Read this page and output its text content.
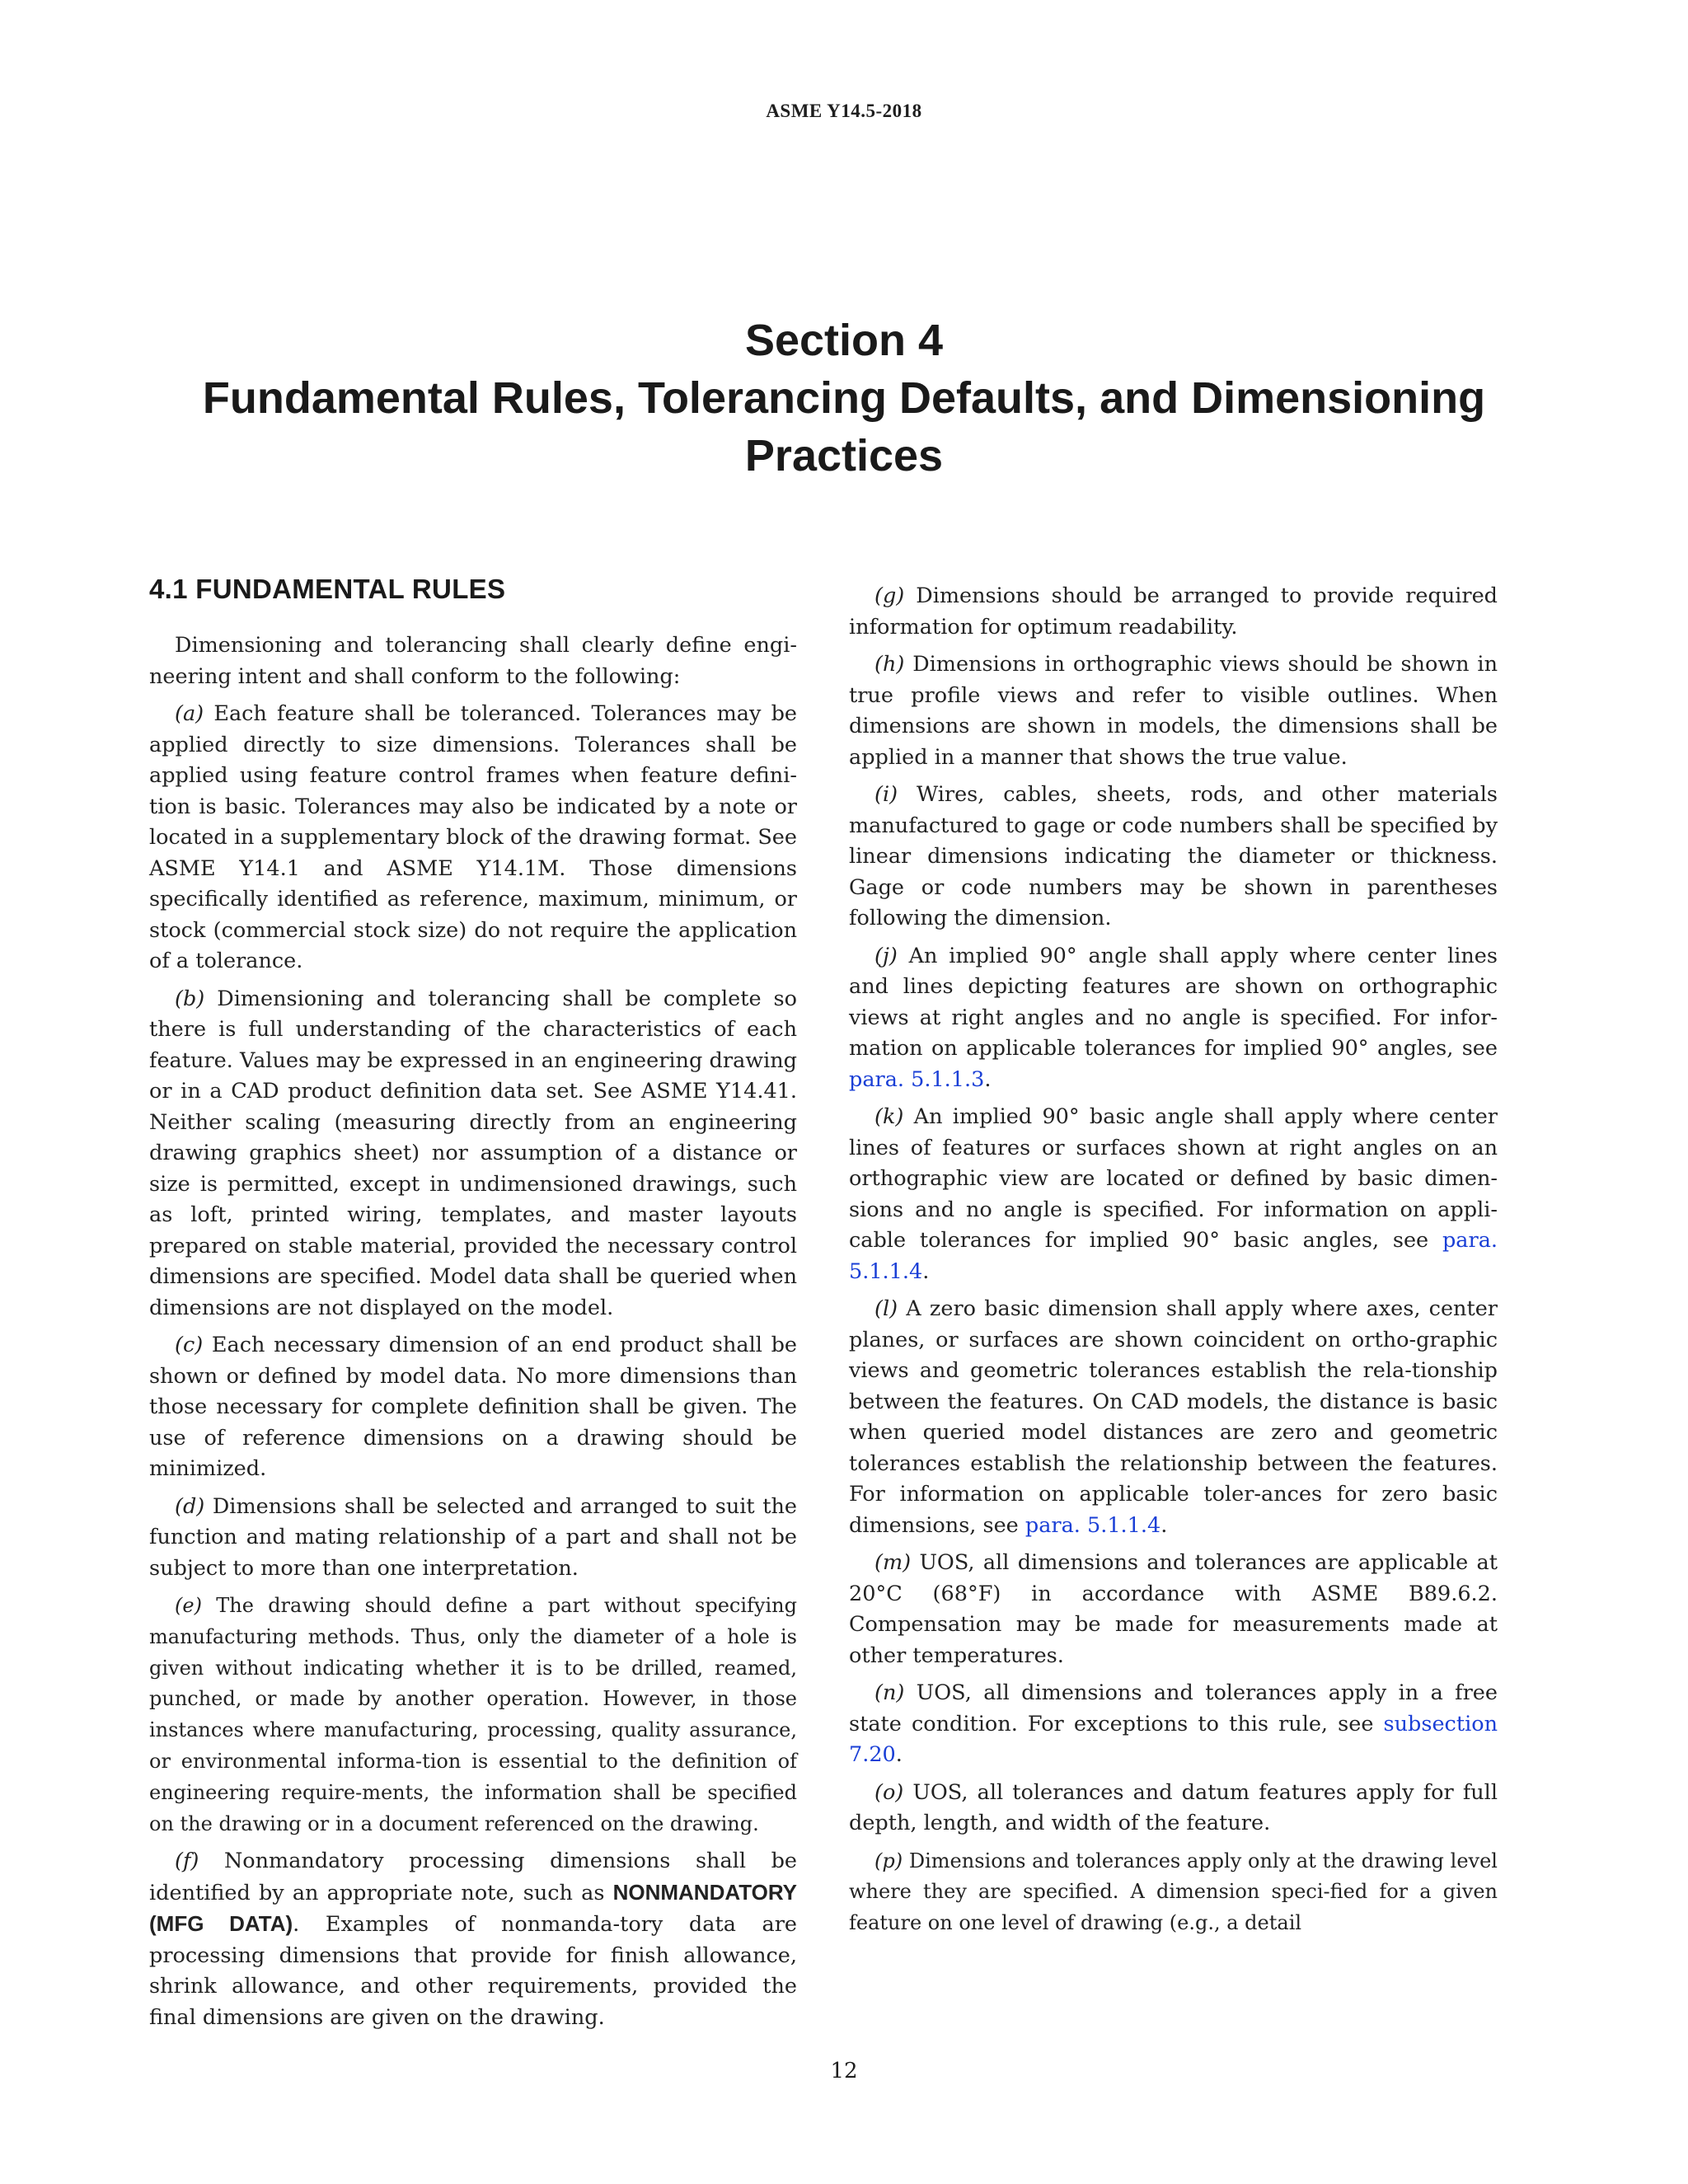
ASME Y14.5-2018
Section 4
Fundamental Rules, Tolerancing Defaults, and Dimensioning
Practices
4.1 FUNDAMENTAL RULES

Dimensioning and tolerancing shall clearly define engi-neering intent and shall conform to the following:

(a) Each feature shall be toleranced. Tolerances may be applied directly to size dimensions. Tolerances shall be applied using feature control frames when feature defini-tion is basic. Tolerances may also be indicated by a note or located in a supplementary block of the drawing format. See ASME Y14.1 and ASME Y14.1M. Those dimensions specifically identified as reference, maximum, minimum, or stock (commercial stock size) do not require the application of a tolerance.

(b) Dimensioning and tolerancing shall be complete so there is full understanding of the characteristics of each feature. Values may be expressed in an engineering drawing or in a CAD product definition data set. See ASME Y14.41. Neither scaling (measuring directly from an engineering drawing graphics sheet) nor assumption of a distance or size is permitted, except in undimensioned drawings, such as loft, printed wiring, templates, and master layouts prepared on stable material, provided the necessary control dimensions are specified. Model data shall be queried when dimensions are not displayed on the model.

(c) Each necessary dimension of an end product shall be shown or defined by model data. No more dimensions than those necessary for complete definition shall be given. The use of reference dimensions on a drawing should be minimized.

(d) Dimensions shall be selected and arranged to suit the function and mating relationship of a part and shall not be subject to more than one interpretation.

(e) The drawing should define a part without specifying manufacturing methods. Thus, only the diameter of a hole is given without indicating whether it is to be drilled, reamed, punched, or made by another operation. However, in those instances where manufacturing, processing, quality assurance, or environmental informa-tion is essential to the definition of engineering require-ments, the information shall be specified on the drawing or in a document referenced on the drawing.

(f) Nonmandatory processing dimensions shall be identified by an appropriate note, such as NONMANDATORY (MFG DATA). Examples of nonmanda-tory data are processing dimensions that provide for finish allowance, shrink allowance, and other requirements, provided the final dimensions are given on the drawing.

(g) Dimensions should be arranged to provide required information for optimum readability.

(h) Dimensions in orthographic views should be shown in true profile views and refer to visible outlines. When dimensions are shown in models, the dimensions shall be applied in a manner that shows the true value.

(i) Wires, cables, sheets, rods, and other materials manufactured to gage or code numbers shall be specified by linear dimensions indicating the diameter or thickness. Gage or code numbers may be shown in parentheses following the dimension.

(j) An implied 90° angle shall apply where center lines and lines depicting features are shown on orthographic views at right angles and no angle is specified. For infor-mation on applicable tolerances for implied 90° angles, see para. 5.1.1.3.

(k) An implied 90° basic angle shall apply where center lines of features or surfaces shown at right angles on an orthographic view are located or defined by basic dimen-sions and no angle is specified. For information on appli-cable tolerances for implied 90° basic angles, see para. 5.1.1.4.

(l) A zero basic dimension shall apply where axes, center planes, or surfaces are shown coincident on ortho-graphic views and geometric tolerances establish the rela-tionship between the features. On CAD models, the distance is basic when queried model distances are zero and geometric tolerances establish the relationship between the features. For information on applicable toler-ances for zero basic dimensions, see para. 5.1.1.4.

(m) UOS, all dimensions and tolerances are applicable at 20°C (68°F) in accordance with ASME B89.6.2. Compensation may be made for measurements made at other temperatures.

(n) UOS, all dimensions and tolerances apply in a free state condition. For exceptions to this rule, see subsection 7.20.

(o) UOS, all tolerances and datum features apply for full depth, length, and width of the feature.

(p) Dimensions and tolerances apply only at the drawing level where they are specified. A dimension speci-fied for a given feature on one level of drawing (e.g., a detail

12
